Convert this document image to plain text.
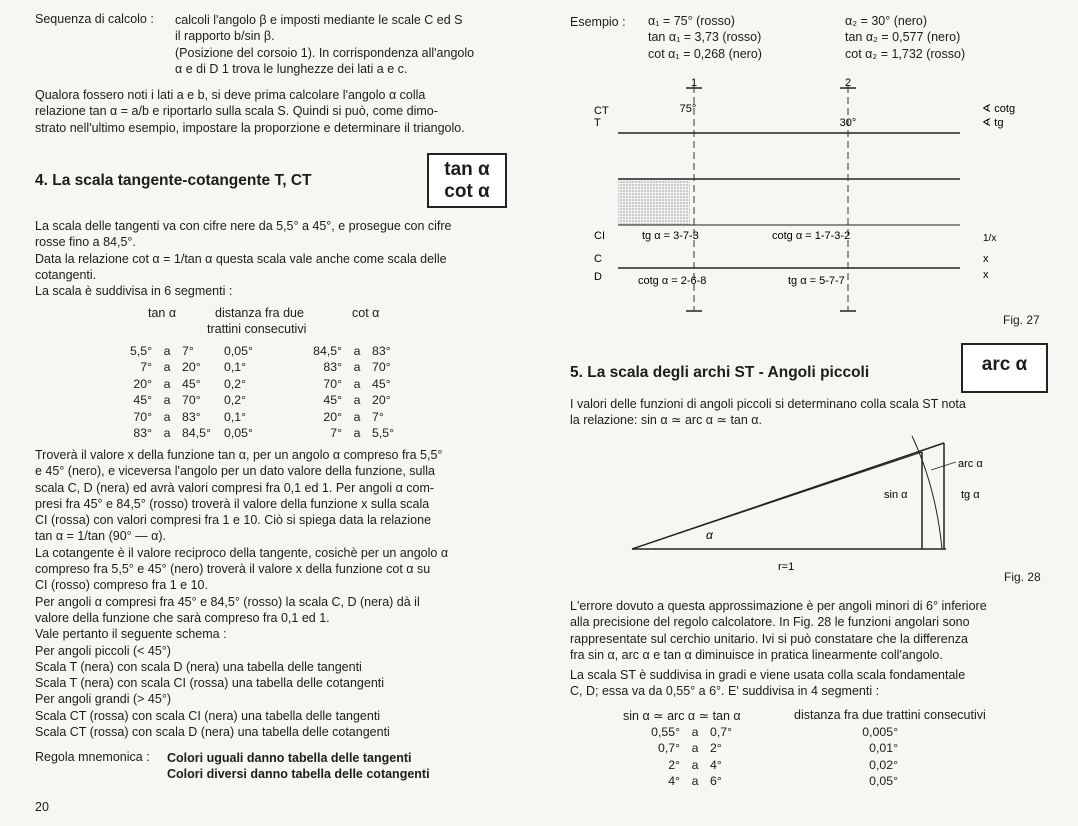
Sequenza di calcolo : calcoli l'angolo β e imposti mediante le scale C ed S
il rapporto b/sin β.
(Posizione del corsoio 1). In corrispondenza all'angolo
α e di D 1 trova le lunghezze dei lati a e c.
Qualora fossero noti i lati a e b, si deve prima calcolare l'angolo α colla
relazione tan α = a/b e riportarlo sulla scala S. Quindi si può, come dimo-
strato nell'ultimo esempio, impostare la proporzione e determinare il triangolo.
4. La scala tangente-cotangente T, CT
tan α
cot α
La scala delle tangenti va con cifre nere da 5,5° a 45°, e prosegue con cifre
rosse fino a 84,5°.
Data la relazione cot α = 1/tan α questa scala vale anche come scala delle
cotangenti.
La scala è suddivisa in 6 segmenti :
tan α	distanza fra due
trattini consecutivi
cot α
5,5°	a	7°	0,05°	84,5°	a	83°
7°	a	20°	0,1°	83°	a	70°
20°	a	45°	0,2°	70°	a	45°
45°	a	70°	0,2°	45°	a	20°
70°	a	83°	0,1°	20°	a	7°
83°	a	84,5°	0,05°	7°	a	5,5°
Troverà il valore x della funzione tan α, per un angolo α compreso fra 5,5°
e 45° (nero), e viceversa l'angolo per un dato valore della funzione, sulla
scala C, D (nera) ed avrà valori compresi fra 0,1 ed 1. Per angoli α com-
presi fra 45° e 84,5° (rosso) troverà il valore della funzione x sulla scala
CI (rossa) con valori compresi fra 1 e 10. Ciò si spiega data la relazione
tan α = 1/tan (90° — α).
La cotangente è il valore reciproco della tangente, cosichè per un angolo α
compreso fra 5,5° e 45° (nero) troverà il valore x della funzione cot α su
CI (rosso) compreso fra 1 e 10.
Per angoli α compresi fra 45° e 84,5° (rosso) la scala C, D (nera) dà il
valore della funzione che sarà compreso fra 0,1 ed 1.
Vale pertanto il seguente schema :
Per angoli piccoli (< 45°)
Scala T (nera) con scala D (nera) una tabella delle tangenti
Scala T (nera) con scala CI (rossa) una tabella delle cotangenti
Per angoli grandi (> 45°)
Scala CT (rossa) con scala CI (nera) una tabella delle tangenti
Scala CT (rossa) con scala D (nera) una tabella delle cotangenti
Regola mnemonica : Colori uguali danno tabella delle tangenti
Colori diversi danno tabella delle cotangenti
20
Esempio : α₁ = 75° (rosso)
tan α₁ = 3,73 (rosso)
cot α₁ = 0,268 (nero)
α₂ = 30° (nero)
tan α₂ = 0,577 (nero)
cot α₂ = 1,732 (rosso)
1	2
75°
30°
CT
T
CI
C
D
∢ cotg
∢ tg
1/x
x
x
tg α = 3-7-3	cotg α = 1-7-3-2
cotg α = 2-6-8	tg α = 5-7-7
Fig. 27
5. La scala degli archi ST - Angoli piccoli	arc α
I valori delle funzioni di angoli piccoli si determinano colla scala ST nota
la relazione: sin α ≃ arc α ≃ tan α.
arc α
sin α	tg α
α
r=1
Fig. 28
L'errore dovuto a questa approssimazione è per angoli minori di 6° inferiore
alla precisione del regolo calcolatore. In Fig. 28 le funzioni angolari sono
rappresentate sul cerchio unitario. Ivi si può constatare che la differenza
fra sin α, arc α e tan α diminuisce in pratica linearmente coll'angolo.
La scala ST è suddivisa in gradi e viene usata colla scala fondamentale
C, D; essa va da 0,55° a 6°. E' suddivisa in 4 segmenti :
sin α ≃ arc α ≃ tan α	distanza fra due trattini consecutivi
0,55°	a	0,7°	0,005°
0,7°	a	2°	0,01°
2°	a	4°	0,02°
4°	a	6°	0,05°
